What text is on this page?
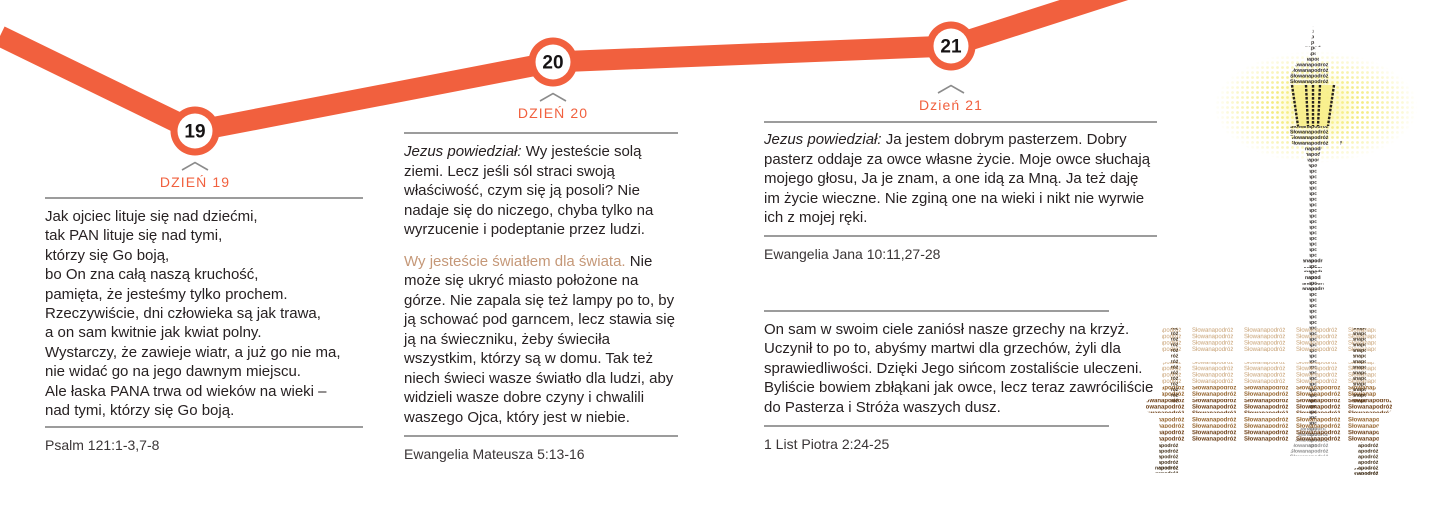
19
20
21
DZIEŃ 19
DZIEŃ 20	Dzień 21
Jak ojciec lituje się nad dziećmi,
tak PAN lituje się nad tymi,
którzy się Go boją,
bo On zna całą naszą kruchość,
pamięta, że jesteśmy tylko prochem.
Rzeczywiście, dni człowieka są jak trawa,
a on sam kwitnie jak kwiat polny.
Wystarczy, że zawieje wiatr, a już go nie ma,
nie widać go na jego dawnym miejscu.
Ale łaska PANA trwa od wieków na wieki –
nad tymi, którzy się Go boją.
Psalm 121:1-3,7-8

Jezus powiedział: Wy jesteście solą ziemi. Lecz jeśli sól straci swoją właściwość, czym się ją posoli? Nie nadaje się do niczego, chyba tylko na wyrzucenie i podeptanie przez ludzi.

Wy jesteście światłem dla świata. Nie może się ukryć miasto położone na górze. Nie zapala się też lampy po to, by ją schować pod garncem, lecz stawia się ją na świeczniku, żeby świeciła wszystkim, którzy są w domu. Tak też niech świeci wasze światło dla ludzi, aby widzieli wasze dobre czyny i chwalili waszego Ojca, który jest w niebie.

Ewangelia Mateusza 5:13-16

Jezus powiedział: Ja jestem dobrym pasterzem. Dobry pasterz oddaje za owce własne życie. Moje owce słuchają mojego głosu, Ja je znam, a one idą za Mną. Ja też daję im życie wieczne. Nie zginą one na wieki i nikt nie wyrwie ich z mojej ręki.

Ewangelia Jana 10:11,27-28

On sam w swoim ciele zaniósł nasze grzechy na krzyż. Uczynił to po to, abyśmy martwi dla grzechów, żyli dla sprawiedliwości. Dzięki Jego sińcom zostaliście uleczeni. Byliście bowiem zbłąkani jak owce, lecz teraz zawróciliście do Pasterza i Stróża waszych dusz.

1 List Piotra 2:24-25
